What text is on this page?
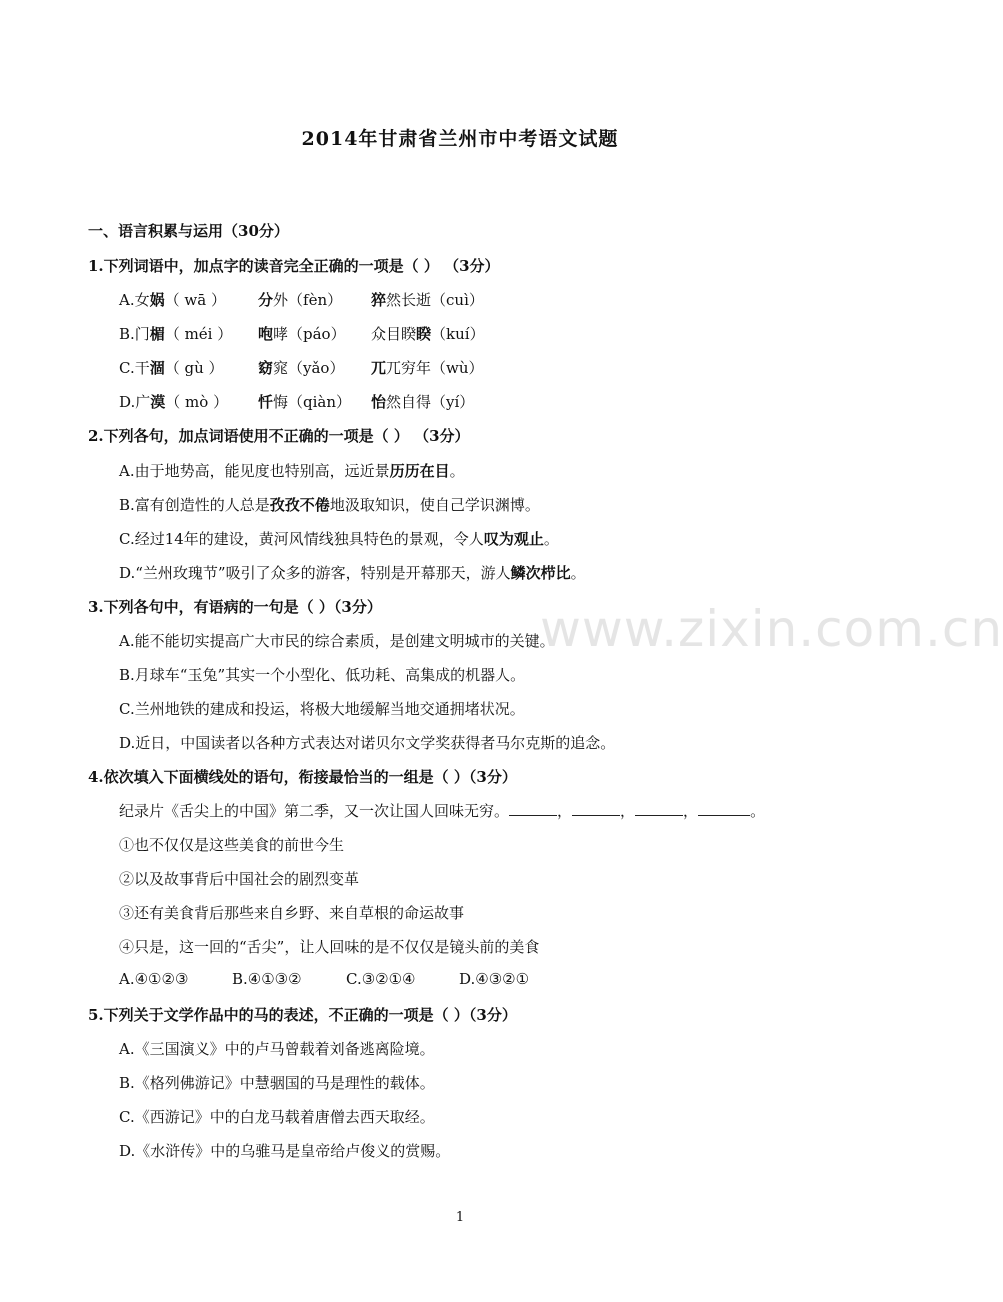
2014年甘肃省兰州市中考语文试题
一、语言积累与运用（30分）
1.下列词语中，加点字的读音完全正确的一项是（ ） （3分）
A.女娲（ wā ） 分外（fèn） 猝然长逝（cuì）
B.门楣（ méi ） 咆哮（páo） 众目睽睽（kuí）
C.干涸（ gù ） 窈窕（yǎo） 兀兀穷年（wù）
D.广漠（ mò ） 忏悔（qiàn） 怡然自得（yí）
2.下列各句，加点词语使用不正确的一项是（ ） （3分）
A.由于地势高，能见度也特别高，远近景历历在目。
B.富有创造性的人总是孜孜不倦地汲取知识，使自己学识渊博。
C.经过14年的建设，黄河风情线独具特色的景观，令人叹为观止。
D.“兰州玫瑰节”吸引了众多的游客，特别是开幕那天，游人鳞次栉比。
3.下列各句中，有语病的一句是（ ）（3分）
A.能不能切实提高广大市民的综合素质，是创建文明城市的关键。
B.月球车“玉兔”其实一个小型化、低功耗、高集成的机器人。
C.兰州地铁的建成和投运，将极大地缓解当地交通拥堵状况。
D.近日，中国读者以各种方式表达对诺贝尔文学奖获得者马尔克斯的追念。
4.依次填入下面横线处的语句，衔接最恰当的一组是（ ）（3分）
纪录片《舌尖上的中国》第二季，又一次让国人回味无穷。	，	，	，	。
①也不仅仅是这些美食的前世今生
②以及故事背后中国社会的剧烈变革
③还有美食背后那些来自乡野、来自草根的命运故事
④只是，这一回的“舌尖”，让人回味的是不仅仅是镜头前的美食
A.④①②③	B.④①③②	C.③②①④	D.④③②①
5.下列关于文学作品中的马的表述，不正确的一项是（ ）（3分）
A.《三国演义》中的卢马曾载着刘备逃离险境。
B.《格列佛游记》中慧骃国的马是理性的载体。
C.《西游记》中的白龙马载着唐僧去西天取经。
D.《水浒传》中的乌骓马是皇帝给卢俊义的赏赐。
www.zixin.com.cn
1
